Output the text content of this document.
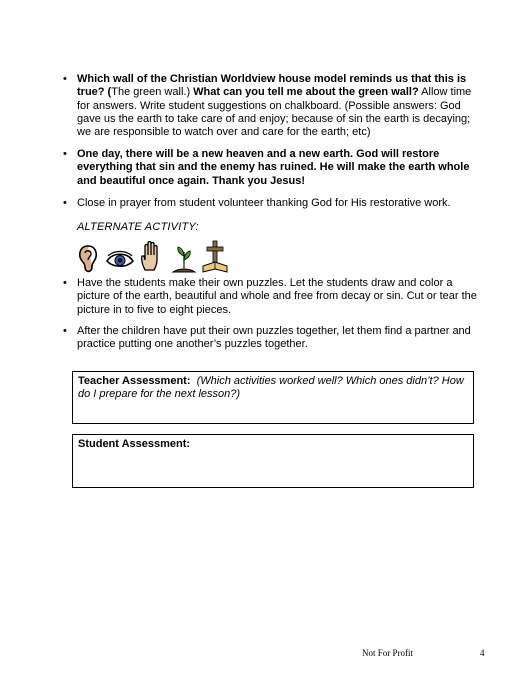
• Which wall of the Christian Worldview house model reminds us that this is true? (The green wall.) What can you tell me about the green wall? Allow time for answers. Write student suggestions on chalkboard. (Possible answers: God gave us the earth to take care of and enjoy; because of sin the earth is decaying; we are responsible to watch over and care for the earth; etc)
• One day, there will be a new heaven and a new earth. God will restore everything that sin and the enemy has ruined. He will make the earth whole and beautiful once again. Thank you Jesus!
• Close in prayer from student volunteer thanking God for His restorative work.
ALTERNATE ACTIVITY:
• Have the students make their own puzzles. Let the students draw and color a picture of the earth, beautiful and whole and free from decay or sin. Cut or tear the picture in to five to eight pieces.
• After the children have put their own puzzles together, let them find a partner and practice putting one another’s puzzles together.
Teacher Assessment: (Which activities worked well? Which ones didn’t? How do I prepare for the next lesson?)
Student Assessment:
Not For Profit	4
